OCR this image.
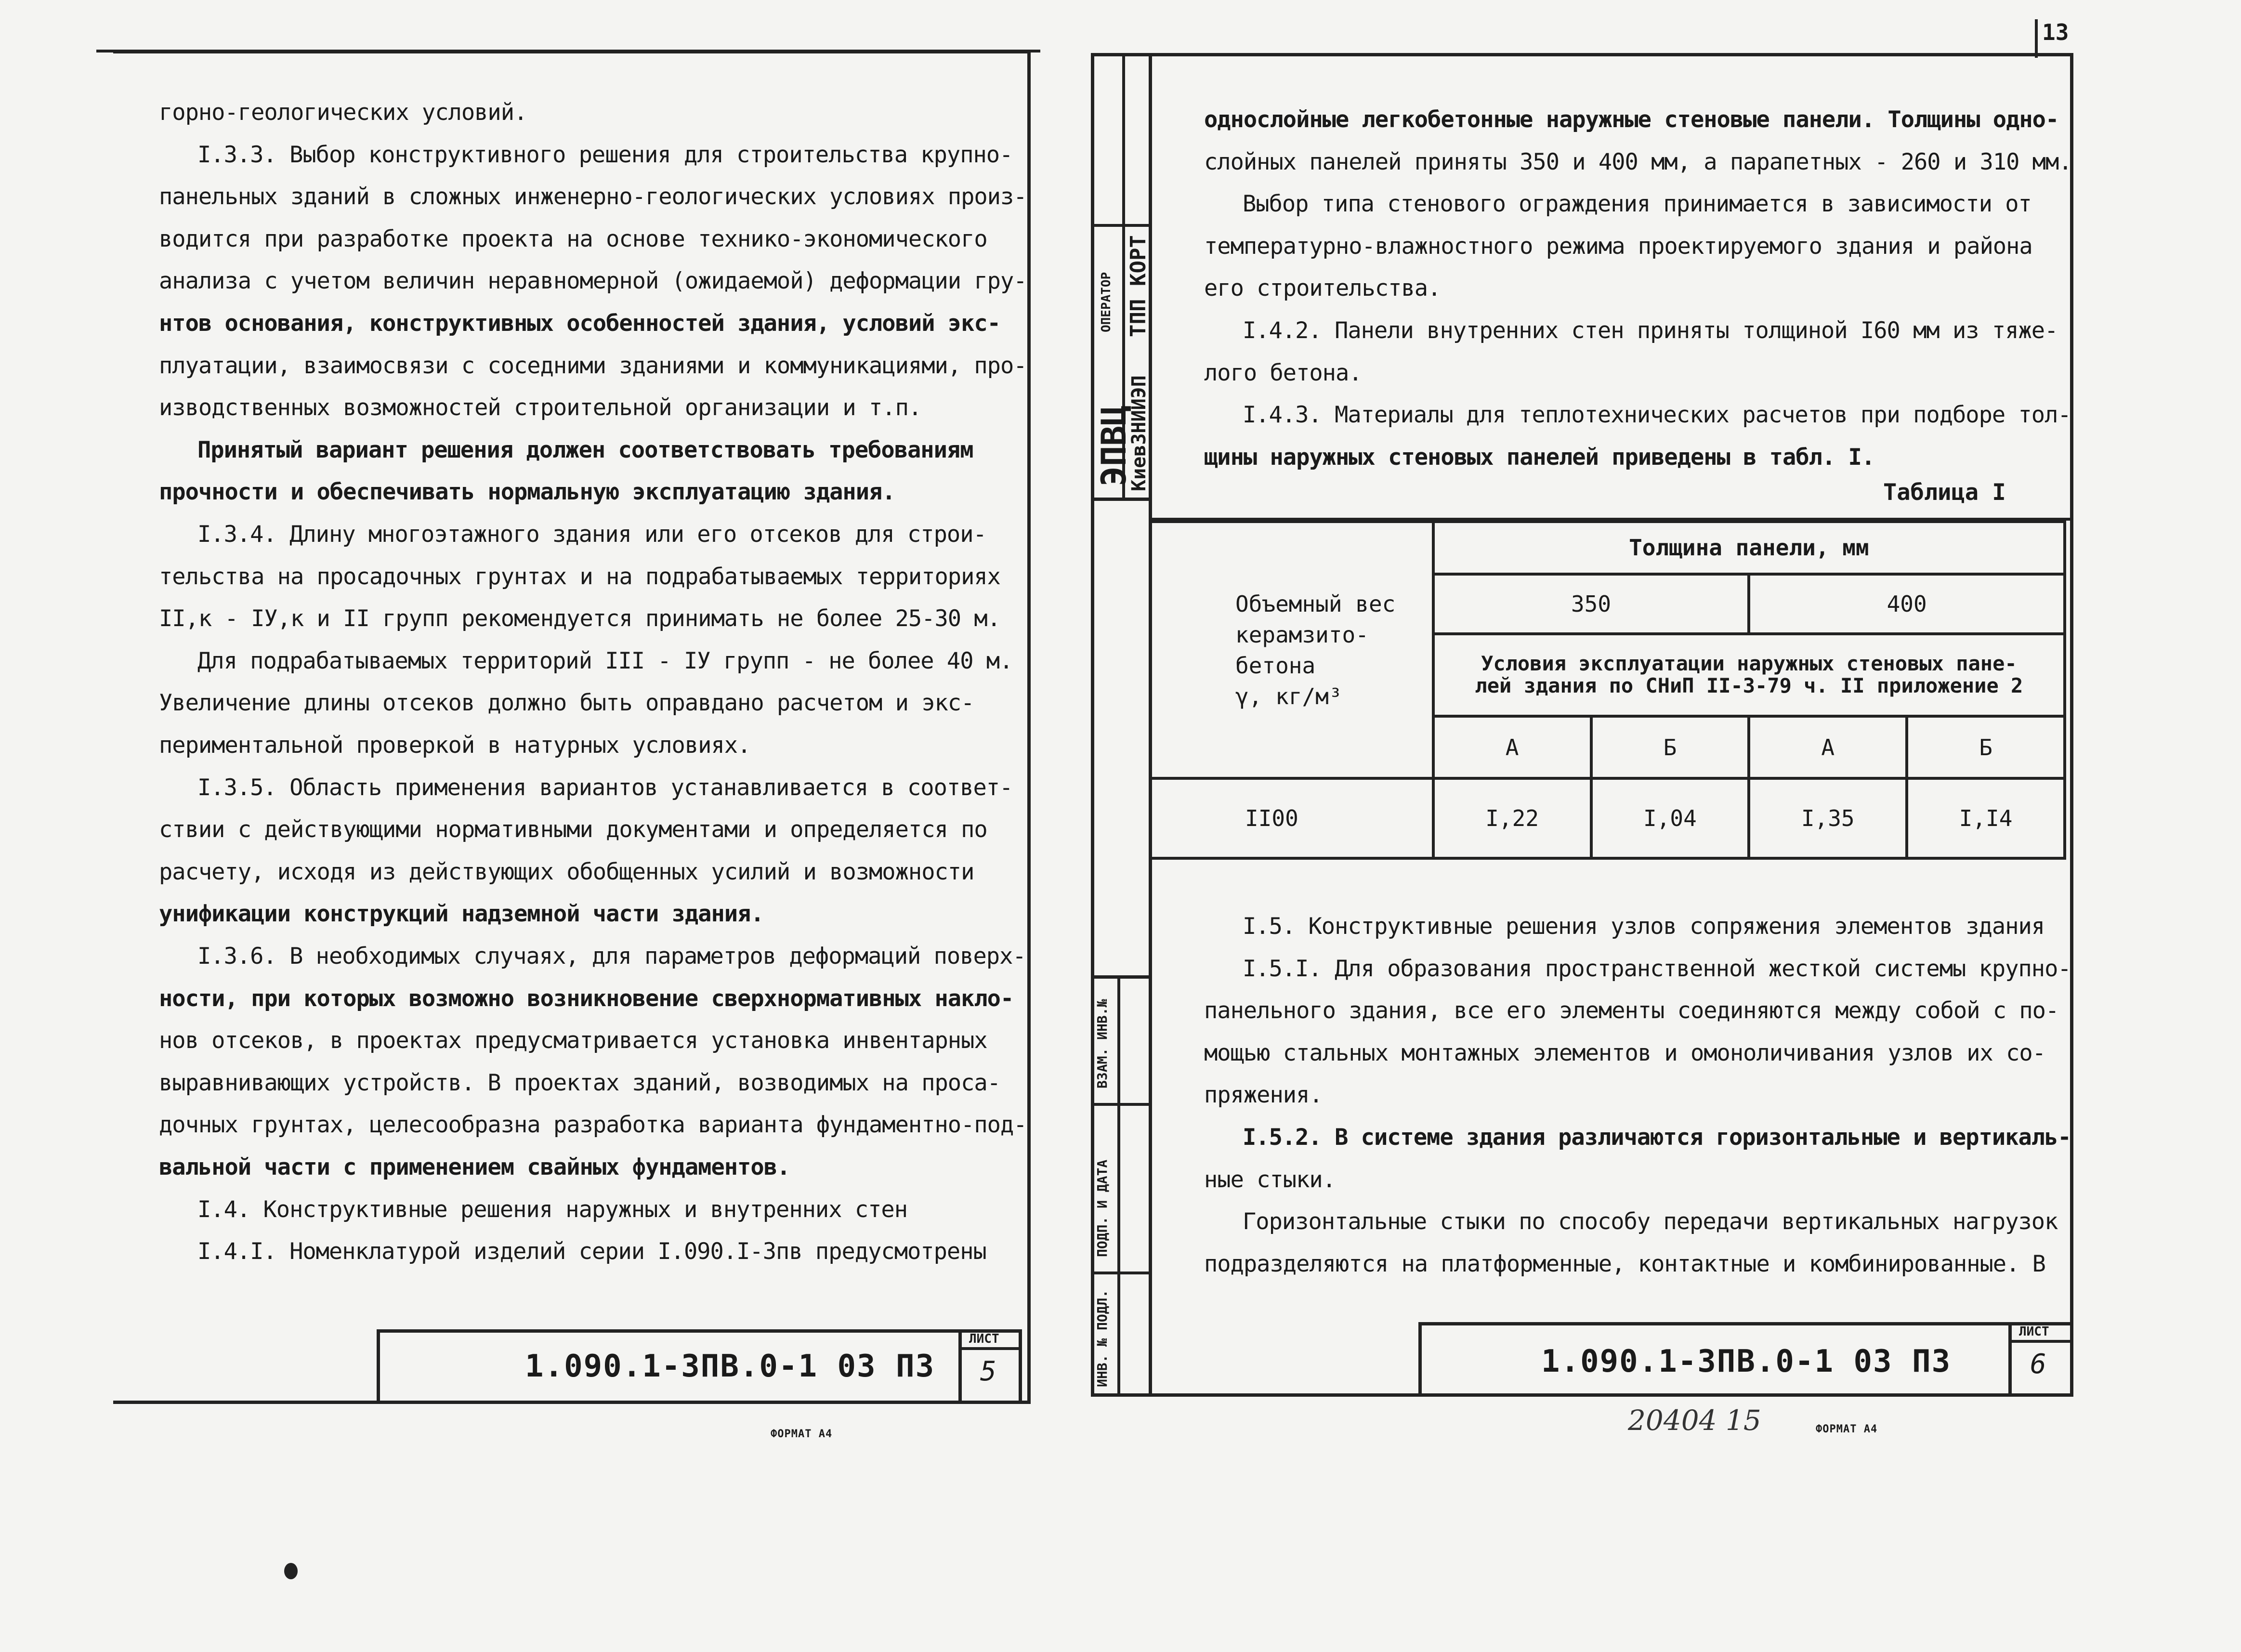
горно-геологических условий.
I.3.3. Выбор конструктивного решения для строительства крупно-
панельных зданий в сложных инженерно-геологических условиях произ-
водится при разработке проекта на основе технико-экономического
анализа с учетом величин неравномерной (ожидаемой) деформации гру-
нтов основания, конструктивных особенностей здания, условий экс-
плуатации, взаимосвязи с соседними зданиями и коммуникациями, про-
изводственных возможностей строительной организации и т.п.
Принятый вариант решения должен соответствовать требованиям
прочности и обеспечивать нормальную эксплуатацию здания.
I.3.4. Длину многоэтажного здания или его отсеков для строи-
тельства на просадочных грунтах и на подрабатываемых территориях
II,к - IУ,к и II групп рекомендуется принимать не более 25-30 м.
Для подрабатываемых территорий III - IУ групп - не более 40 м.
Увеличение длины отсеков должно быть оправдано расчетом и экс-
периментальной проверкой в натурных условиях.
I.3.5. Область применения вариантов устанавливается в соответ-
ствии с действующими нормативными документами и определяется по
расчету, исходя из действующих обобщенных усилий и возможности
унификации конструкций надземной части здания.
I.3.6. В необходимых случаях, для параметров деформаций поверх-
ности, при которых возможно возникновение сверхнормативных накло-
нов отсеков, в проектах предусматривается установка инвентарных
выравнивающих устройств. В проектах зданий, возводимых на проса-
дочных грунтах, целесообразна разработка варианта фундаментно-под-
вальной части с применением свайных фундаментов.
I.4. Конструктивные решения наружных и внутренних стен
I.4.I. Номенклатурой изделий серии I.090.I-3пв предусмотрены
1.090.1-3ПВ.0-1 03 ПЗ
ЛИСТ
5
ФОРМАТ А4
13
ЭПВЦ
КиевЗНИИЭП
ОПЕРАТОР ТПП КОРТ
ВЗАМ. ИНВ.№
ПОДП. И ДАТА
ИНВ. № ПОДЛ.
однослойные легкобетонные наружные стеновые панели. Толщины одно-
слойных панелей приняты 350 и 400 мм, а парапетных - 260 и 310 мм.
Выбор типа стенового ограждения принимается в зависимости от
температурно-влажностного режима проектируемого здания и района
его строительства.
I.4.2. Панели внутренних стен приняты толщиной I60 мм из тяже-
лого бетона.
I.4.3. Материалы для теплотехнических расчетов при подборе тол-
щины наружных стеновых панелей приведены в табл. I.
Таблица I
Объемный вес
керамзито-
бетона
γ, кг/м³	Толщина панели, мм			
	350		400	
	Условия эксплуатации наружных стеновых пане-
лей здания по СНиП II-3-79 ч. II приложение 2			
	А	Б	А	Б
II00	I,22	I,04	I,35	I,I4
I.5. Конструктивные решения узлов сопряжения элементов здания
I.5.I. Для образования пространственной жесткой системы крупно-
панельного здания, все его элементы соединяются между собой с по-
мощью стальных монтажных элементов и омоноличивания узлов их со-
пряжения.
I.5.2. В системе здания различаются горизонтальные и вертикаль-
ные стыки.
Горизонтальные стыки по способу передачи вертикальных нагрузок
подразделяются на платформенные, контактные и комбинированные. В
1.090.1-3ПВ.0-1 03 ПЗ
ЛИСТ
6
20404 15	ФОРМАТ А4
